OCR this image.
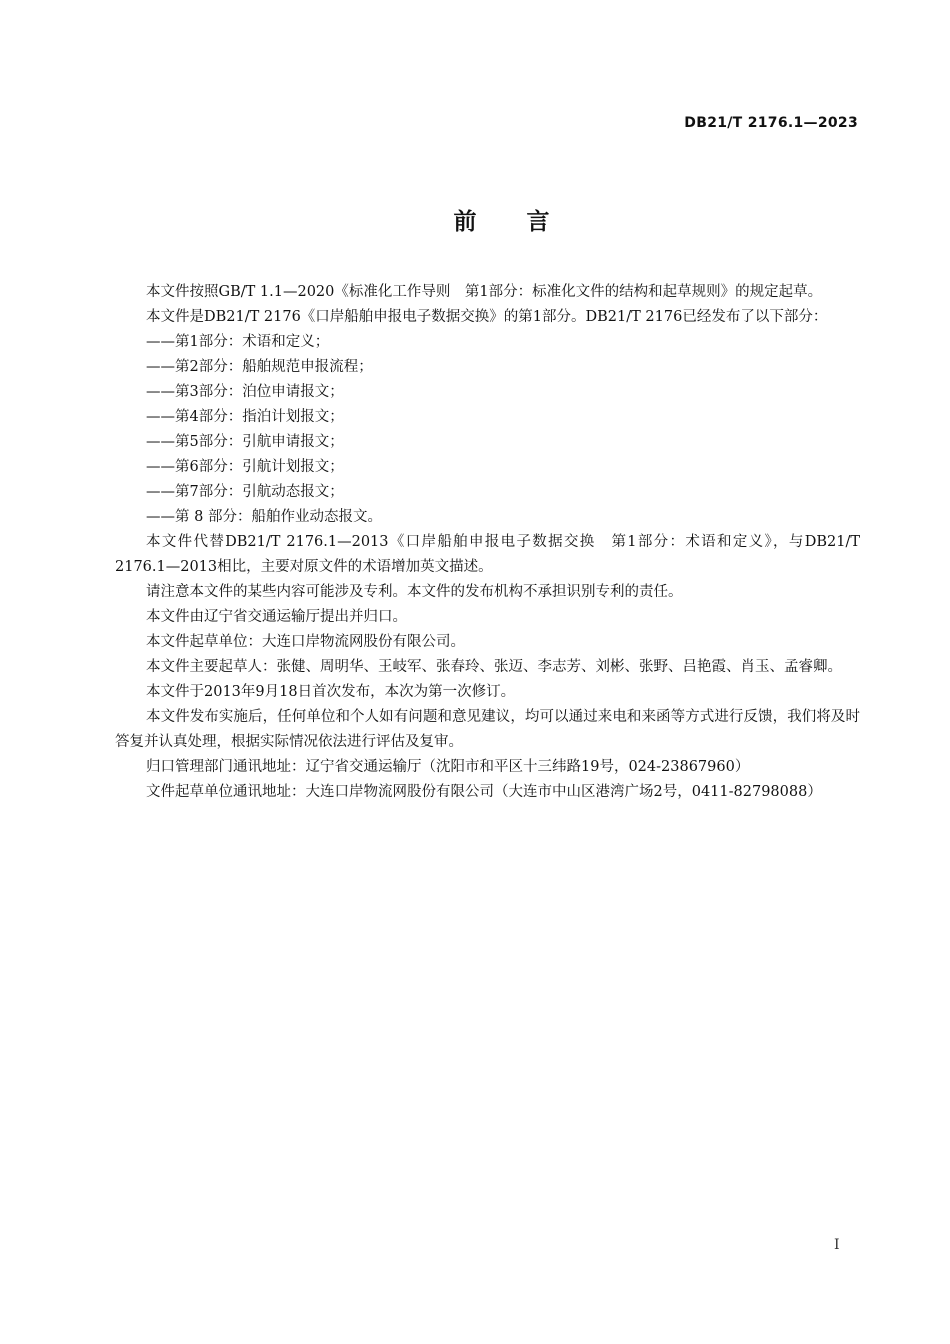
DB21/T 2176.1—2023
前 言

本文件按照GB/T 1.1—2020《标准化工作导则　第1部分：标准化文件的结构和起草规则》的规定起草。

本文件是DB21/T 2176《口岸船舶申报电子数据交换》的第1部分。DB21/T 2176已经发布了以下部分：

——第1部分：术语和定义；

——第2部分：船舶规范申报流程；

——第3部分：泊位申请报文；

——第4部分：指泊计划报文；

——第5部分：引航申请报文；

——第6部分：引航计划报文；

——第7部分：引航动态报文；

——第 8 部分：船舶作业动态报文。

本文件代替DB21/T 2176.1—2013《口岸船舶申报电子数据交换　第1部分：术语和定义》，与DB21/T 2176.1—2013相比，主要对原文件的术语增加英文描述。

请注意本文件的某些内容可能涉及专利。本文件的发布机构不承担识别专利的责任。

本文件由辽宁省交通运输厅提出并归口。

本文件起草单位：大连口岸物流网股份有限公司。

本文件主要起草人：张健、周明华、王岐军、张春玲、张迈、李志芳、刘彬、张野、吕艳霞、肖玉、孟睿卿。

本文件于2013年9月18日首次发布，本次为第一次修订。

本文件发布实施后，任何单位和个人如有问题和意见建议，均可以通过来电和来函等方式进行反馈，我们将及时答复并认真处理，根据实际情况依法进行评估及复审。

归口管理部门通讯地址：辽宁省交通运输厅（沈阳市和平区十三纬路19号，024-23867960）

文件起草单位通讯地址：大连口岸物流网股份有限公司（大连市中山区港湾广场2号，0411-82798088）

I
